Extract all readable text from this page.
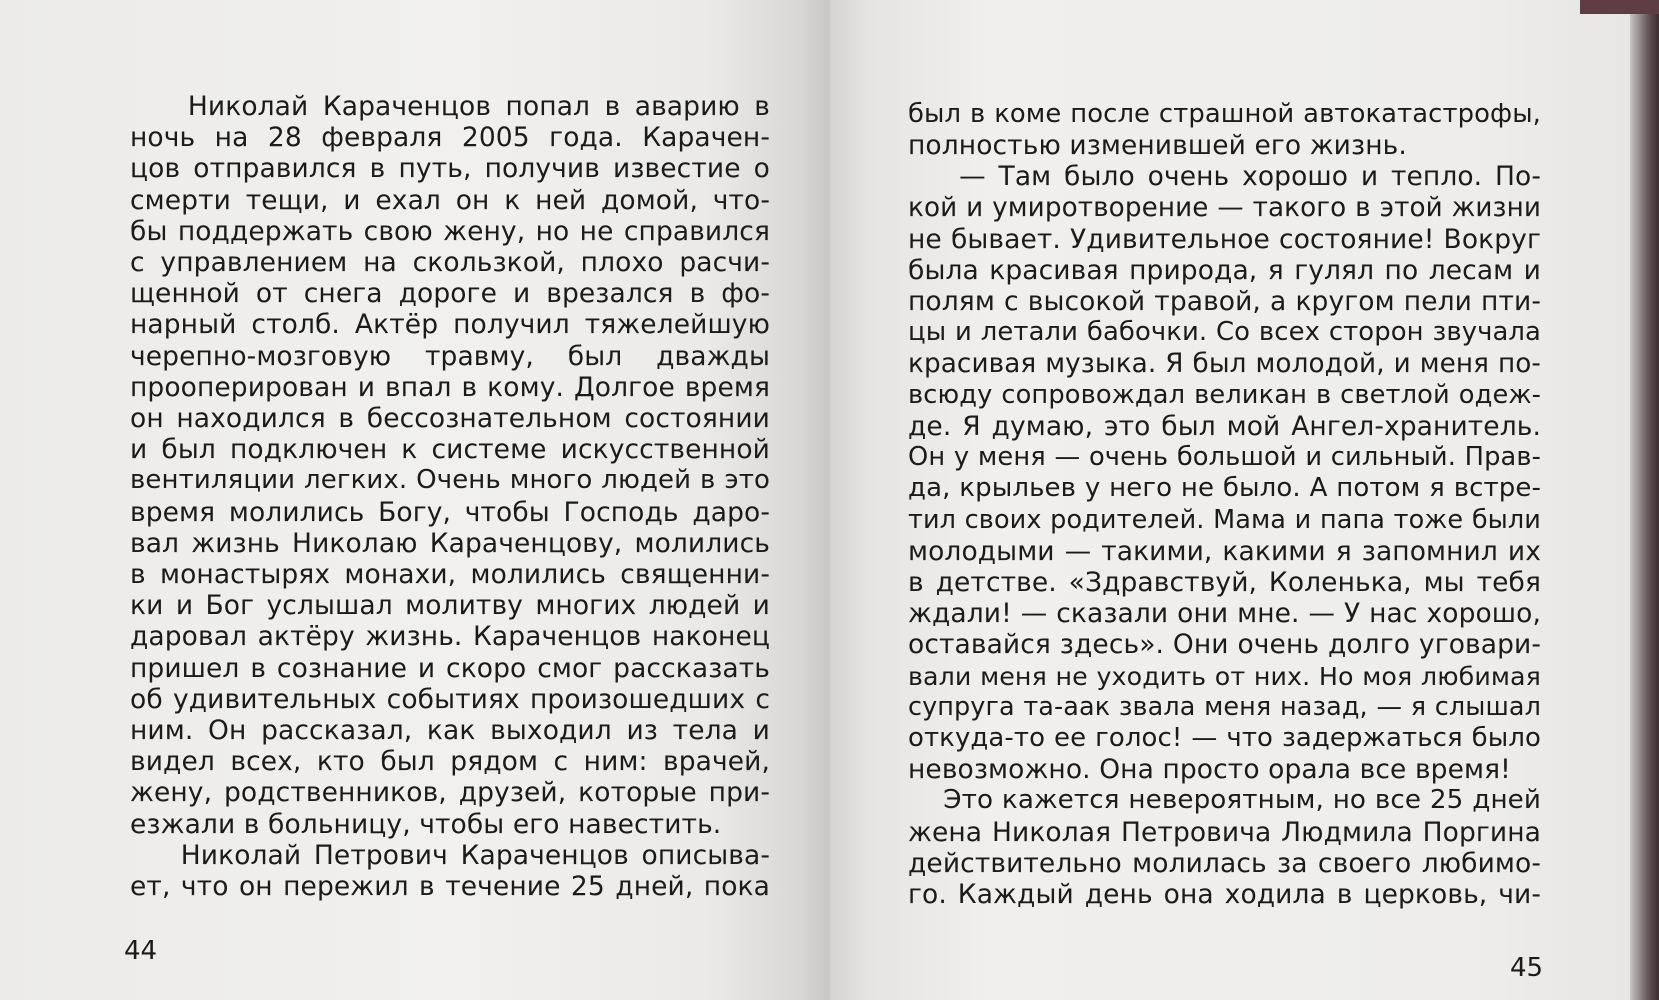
Николай Караченцов попал в аварию в
ночь на 28 февраля 2005 года. Карачен-
цов отправился в путь, получив известие о
смерти тещи, и ехал он к ней домой, что-
бы поддержать свою жену, но не справился
с управлением на скользкой, плохо расчи-
щенной от снега дороге и врезался в фо-
нарный столб. Актёр получил тяжелейшую
черепно-мозговую травму, был дважды
прооперирован и впал в кому. Долгое время
он находился в бессознательном состоянии
и был подключен к системе искусственной
вентиляции легких. Очень много людей в это
время молились Богу, чтобы Господь даро-
вал жизнь Николаю Караченцову, молились
в монастырях монахи, молились священни-
ки и Бог услышал молитву многих людей и
даровал актёру жизнь. Караченцов наконец
пришел в сознание и скоро смог рассказать
об удивительных событиях произошедших с
ним. Он рассказал, как выходил из тела и
видел всех, кто был рядом с ним: врачей,
жену, родственников, друзей, которые при-
езжали в больницу, чтобы его навестить.
Николай Петрович Караченцов описыва-
ет, что он пережил в течение 25 дней, пока
44
был в коме после страшной автокатастрофы,
полностью изменившей его жизнь.
— Там было очень хорошо и тепло. По-
кой и умиротворение — такого в этой жизни
не бывает. Удивительное состояние! Вокруг
была красивая природа, я гулял по лесам и
полям с высокой травой, а кругом пели пти-
цы и летали бабочки. Со всех сторон звучала
красивая музыка. Я был молодой, и меня по-
всюду сопровождал великан в светлой одеж-
де. Я думаю, это был мой Ангел-хранитель.
Он у меня — очень большой и сильный. Прав-
да, крыльев у него не было. А потом я встре-
тил своих родителей. Мама и папа тоже были
молодыми — такими, какими я запомнил их
в детстве. «Здравствуй, Коленька, мы тебя
ждали! — сказали они мне. — У нас хорошо,
оставайся здесь». Они очень долго уговари-
вали меня не уходить от них. Но моя любимая
супруга та-аак звала меня назад, — я слышал
откуда-то ее голос! — что задержаться было
невозможно. Она просто орала все время!
Это кажется невероятным, но все 25 дней
жена Николая Петровича Людмила Поргина
действительно молилась за своего любимо-
го. Каждый день она ходила в церковь, чи-
45
